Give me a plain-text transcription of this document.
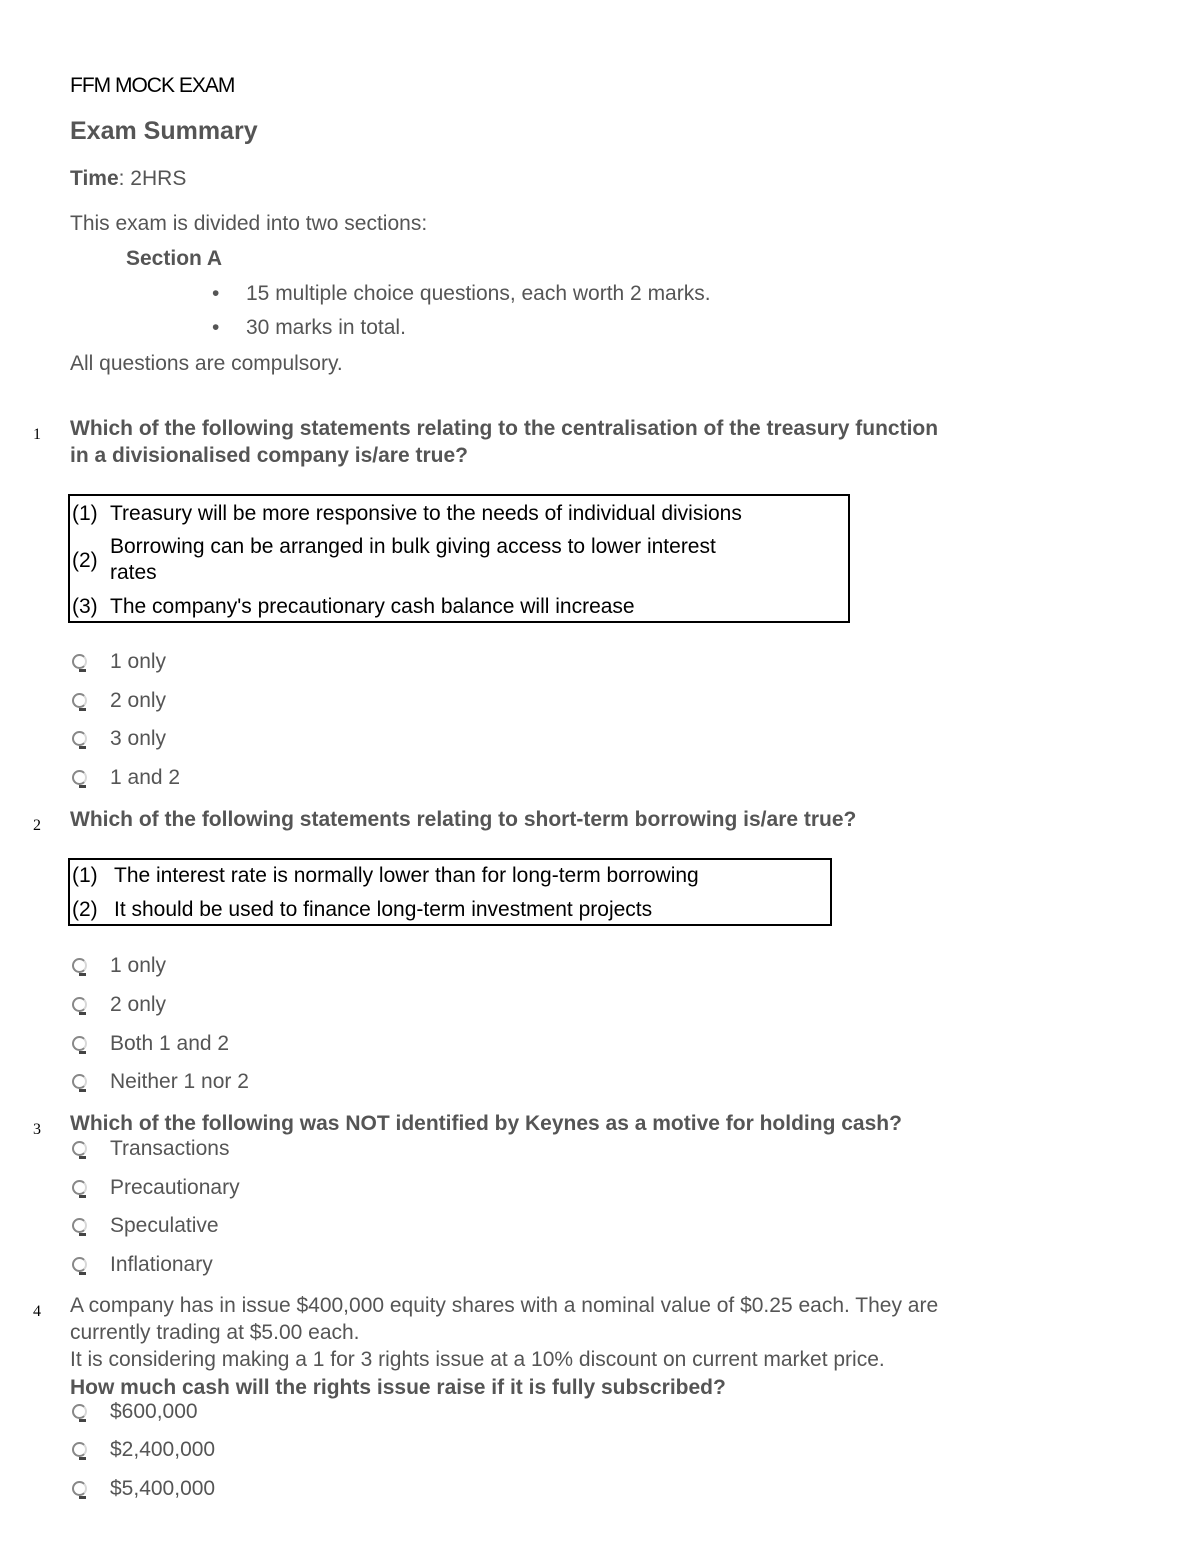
FFM MOCK EXAM
Exam Summary
Time: 2HRS
This exam is divided into two sections:
Section A
• 15 multiple choice questions, each worth 2 marks.
• 30 marks in total.
All questions are compulsory.
1 Which of the following statements relating to the centralisation of the treasury function
in a divisionalised company is/are true?
(1) Treasury will be more responsive to the needs of individual divisions
(2)
Borrowing can be arranged in bulk giving access to lower interest
rates
(3) The company's precautionary cash balance will increase
1 only
2 only
3 only
1 and 2
2 Which of the following statements relating to short-term borrowing is/are true?
(1) The interest rate is normally lower than for long-term borrowing
(2) It should be used to finance long-term investment projects
1 only
2 only
Both 1 and 2
Neither 1 nor 2
3 Which of the following was NOT identified by Keynes as a motive for holding cash?
Transactions
Precautionary
Speculative
Inflationary
4 A company has in issue $400,000 equity shares with a nominal value of $0.25 each. They are
currently trading at $5.00 each.
It is considering making a 1 for 3 rights issue at a 10% discount on current market price.
How much cash will the rights issue raise if it is fully subscribed?
$600,000
$2,400,000
$5,400,000
